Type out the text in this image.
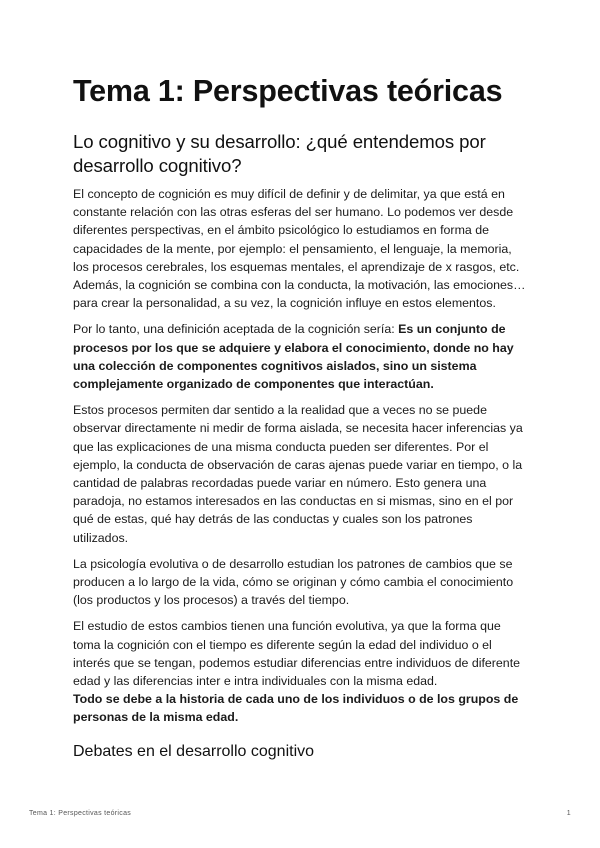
Tema 1: Perspectivas teóricas
Lo cognitivo y su desarrollo: ¿qué entendemos por desarrollo cognitivo?

El concepto de cognición es muy difícil de definir y de delimitar, ya que está en constante relación con las otras esferas del ser humano. Lo podemos ver desde diferentes perspectivas, en el ámbito psicológico lo estudiamos en forma de capacidades de la mente, por ejemplo: el pensamiento, el lenguaje, la memoria, los procesos cerebrales, los esquemas mentales, el aprendizaje de x rasgos, etc. Además, la cognición se combina con la conducta, la motivación, las emociones… para crear la personalidad, a su vez, la cognición influye en estos elementos.

Por lo tanto, una definición aceptada de la cognición sería: Es un conjunto de procesos por los que se adquiere y elabora el conocimiento, donde no hay una colección de componentes cognitivos aislados, sino un sistema complejamente organizado de componentes que interactúan.

Estos procesos permiten dar sentido a la realidad que a veces no se puede observar directamente ni medir de forma aislada, se necesita hacer inferencias ya que las explicaciones de una misma conducta pueden ser diferentes. Por el ejemplo, la conducta de observación de caras ajenas puede variar en tiempo, o la cantidad de palabras recordadas puede variar en número. Esto genera una paradoja, no estamos interesados en las conductas en si mismas, sino en el por qué de estas, qué hay detrás de las conductas y cuales son los patrones utilizados.

La psicología evolutiva o de desarrollo estudian los patrones de cambios que se producen a lo largo de la vida, cómo se originan y cómo cambia el conocimiento (los productos y los procesos) a través del tiempo.

El estudio de estos cambios tienen una función evolutiva, ya que la forma que toma la cognición con el tiempo es diferente según la edad del individuo o el interés que se tengan, podemos estudiar diferencias entre individuos de diferente edad y las diferencias inter e intra individuales con la misma edad.

Todo se debe a la historia de cada uno de los individuos o de los grupos de personas de la misma edad.

Debates en el desarrollo cognitivo
Tema 1: Perspectivas teóricas	1
